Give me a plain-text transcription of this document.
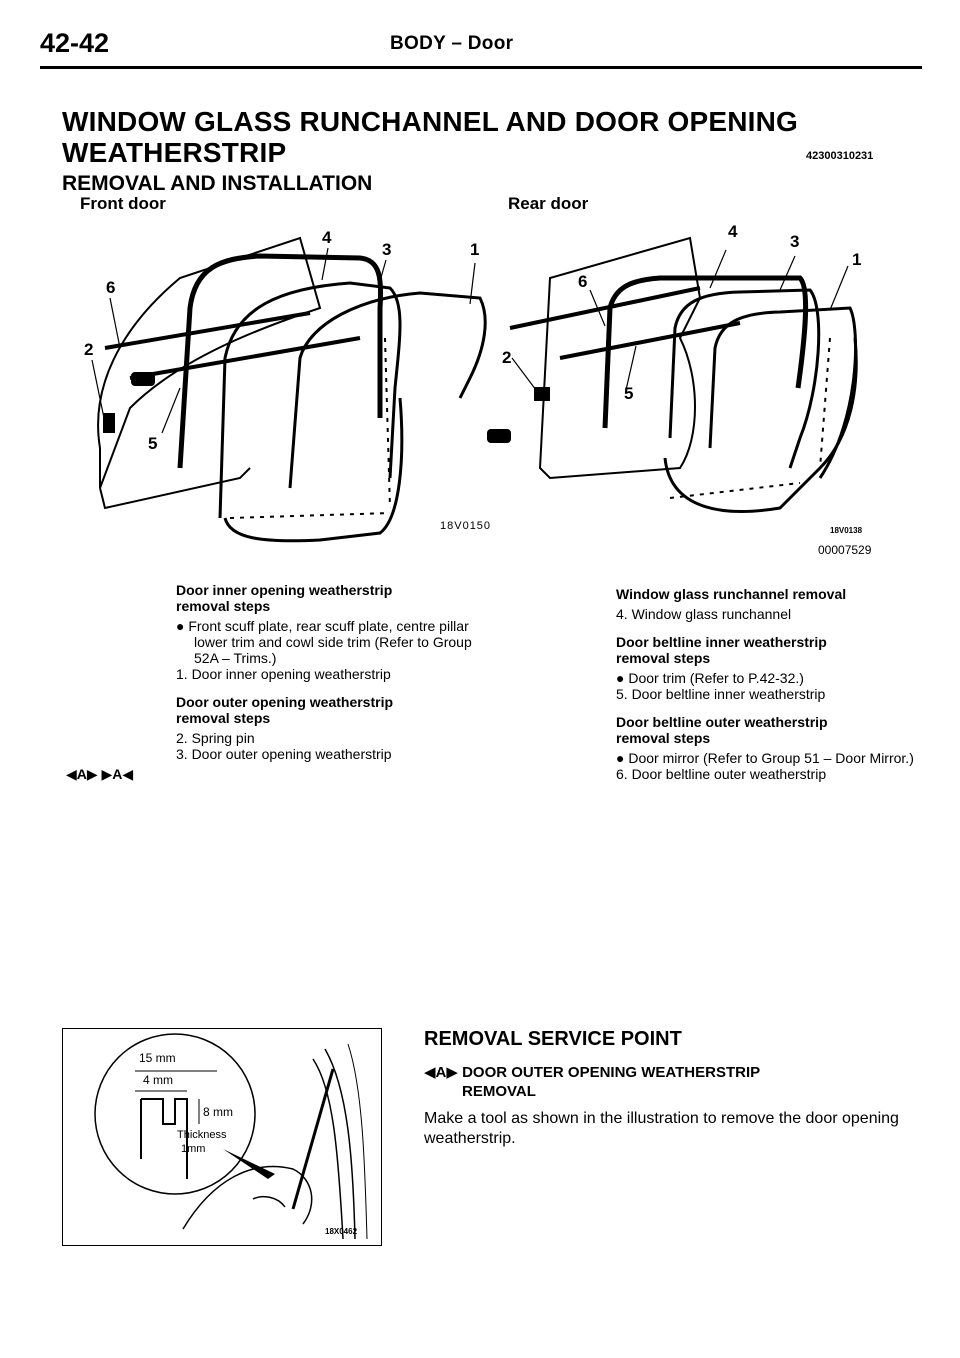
42-42	BODY – Door
WINDOW GLASS RUNCHANNEL AND DOOR OPENING
WEATHERSTRIP	42300310231
REMOVAL AND INSTALLATION
Front door	Rear door
4
3	1
6
2
5
4
3
1
6
2
5
18V0150	18V0138
00007529

Door inner opening weatherstrip

removal steps

● Front scuff plate, rear scuff plate, centre pillar lower trim and cowl side trim (Refer to Group 52A – Trims.)

1. Door inner opening weatherstrip

Door outer opening weatherstrip

removal steps

2. Spring pin

3. Door outer opening weatherstrip

◀A▶ ▶A◀

Window glass runchannel removal

4. Window glass runchannel

Door beltline inner weatherstrip

removal steps

● Door trim (Refer to P.42-32.)

5. Door beltline inner weatherstrip

Door beltline outer weatherstrip

removal steps

● Door mirror (Refer to Group 51 – Door Mirror.)

6. Door beltline outer weatherstrip

15 mm
4 mm
8 mm
Thickness
1mm
18X0462
REMOVAL SERVICE POINT
◀A▶ DOOR OUTER OPENING WEATHERSTRIP
REMOVAL
Make a tool as shown in the illustration to remove the door opening weatherstrip.
